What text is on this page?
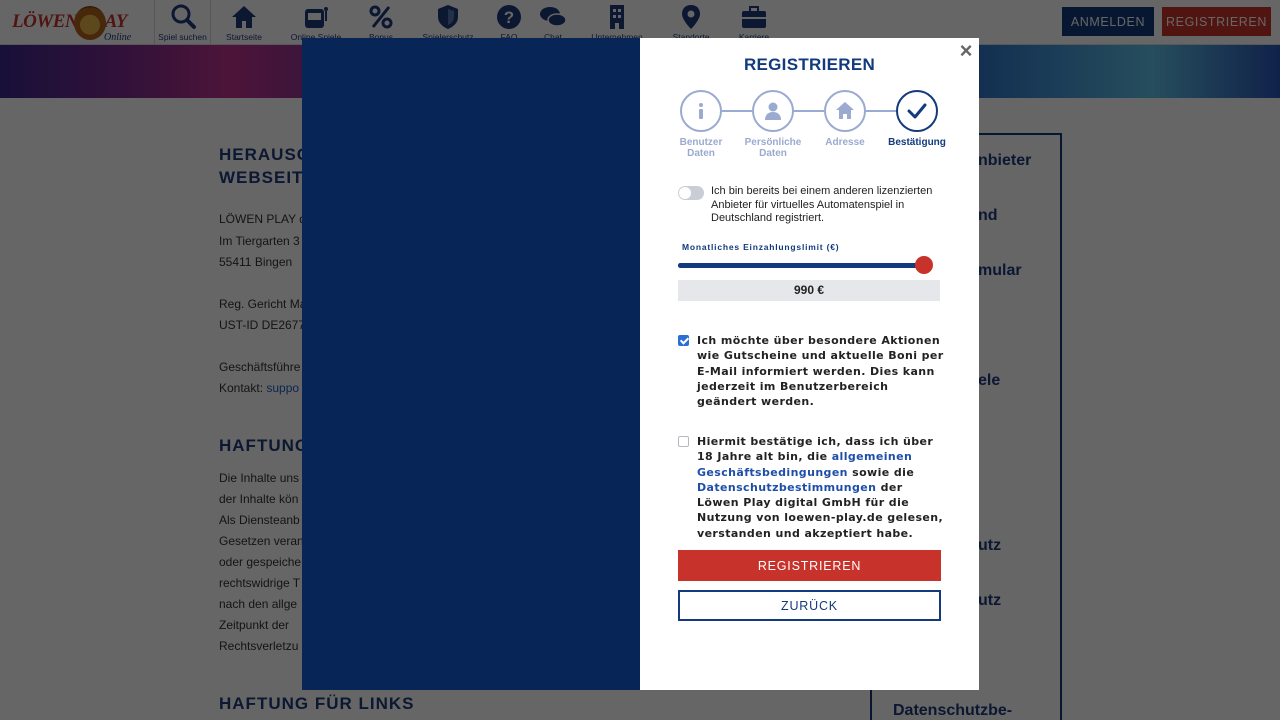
×
REGISTRIEREN
Benutzer
Daten
Persönliche
Daten
Adresse	Bestätigung
Ich bin bereits bei einem anderen lizenzierten Anbieter für virtuelles Automatenspiel in Deutschland registriert.
Monatliches Einzahlungslimit (€)
990 €
Ich möchte über besondere Aktionen wie Gutscheine und aktuelle Boni per E-Mail informiert werden. Dies kann jederzeit im Benutzerbereich geändert werden.
Hiermit bestätige ich, dass ich über 18 Jahre alt bin, die allgemeinen Geschäftsbedingungen sowie die Datenschutzbestimmungen der Löwen Play digital GmbH für die Nutzung von loewen-play.de gelesen, verstanden und akzeptiert habe.
REGISTRIEREN
ZURÜCK
